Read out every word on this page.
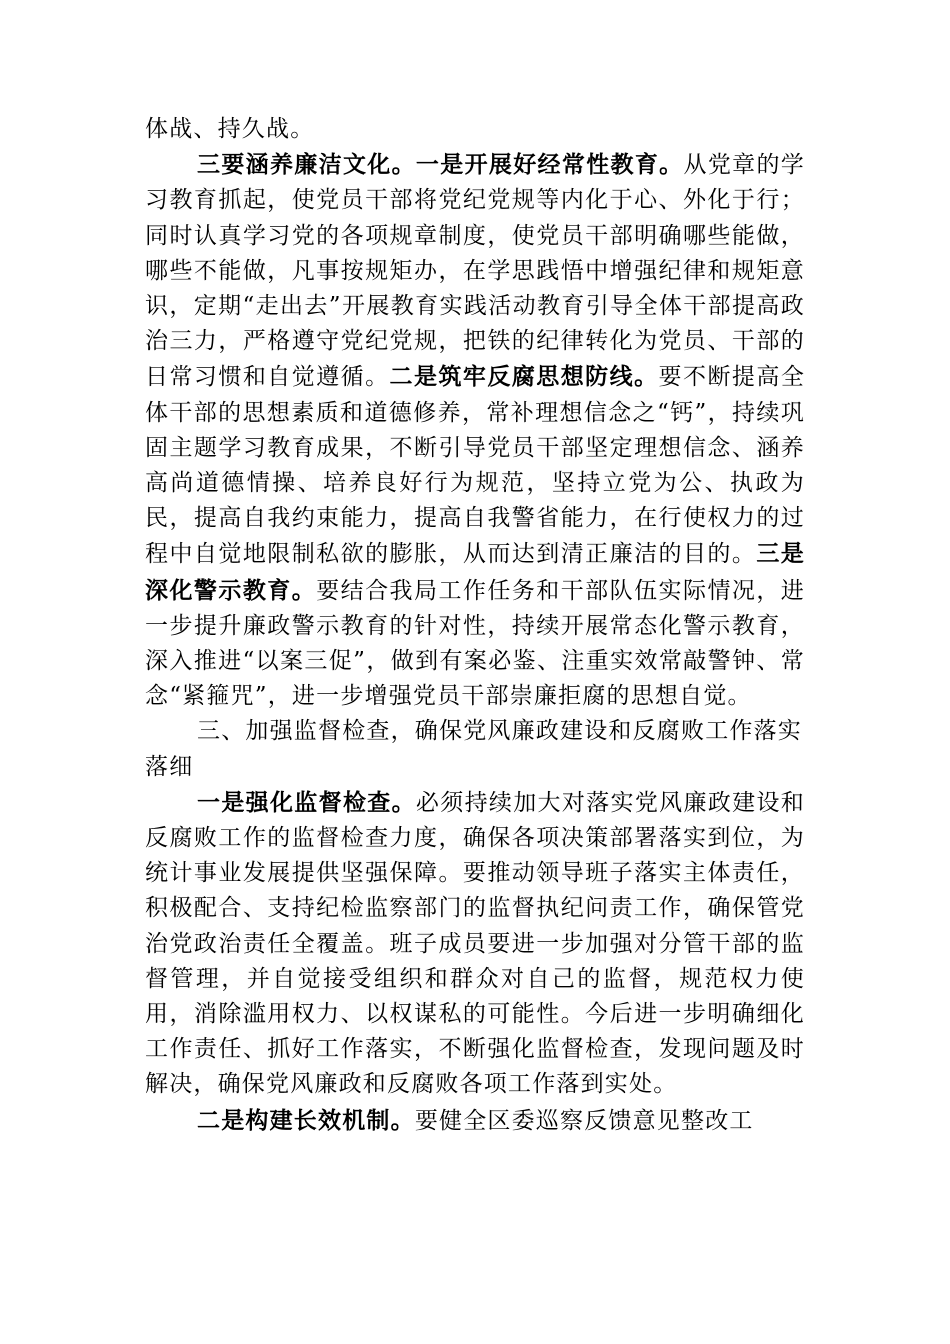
体战、持久战。

三要涵养廉洁文化。一是开展好经常性教育。从党章的学习教育抓起，使党员干部将党纪党规等内化于心、外化于行；同时认真学习党的各项规章制度，使党员干部明确哪些能做，哪些不能做，凡事按规矩办，在学思践悟中增强纪律和规矩意识，定期“走出去”开展教育实践活动教育引导全体干部提高政治三力，严格遵守党纪党规，把铁的纪律转化为党员、干部的日常习惯和自觉遵循。二是筑牢反腐思想防线。要不断提高全体干部的思想素质和道德修养，常补理想信念之“钙”，持续巩固主题学习教育成果，不断引导党员干部坚定理想信念、涵养高尚道德情操、培养良好行为规范，坚持立党为公、执政为民，提高自我约束能力，提高自我警省能力，在行使权力的过程中自觉地限制私欲的膨胀，从而达到清正廉洁的目的。三是深化警示教育。要结合我局工作任务和干部队伍实际情况，进一步提升廉政警示教育的针对性，持续开展常态化警示教育，深入推进“以案三促”，做到有案必鉴、注重实效常敲警钟、常念“紧箍咒”，进一步增强党员干部崇廉拒腐的思想自觉。

三、加强监督检查，确保党风廉政建设和反腐败工作落实落细

一是强化监督检查。必须持续加大对落实党风廉政建设和反腐败工作的监督检查力度，确保各项决策部署落实到位，为统计事业发展提供坚强保障。要推动领导班子落实主体责任，积极配合、支持纪检监察部门的监督执纪问责工作，确保管党治党政治责任全覆盖。班子成员要进一步加强对分管干部的监督管理，并自觉接受组织和群众对自己的监督，规范权力使用，消除滥用权力、以权谋私的可能性。今后进一步明确细化工作责任、抓好工作落实，不断强化监督检查，发现问题及时解决，确保党风廉政和反腐败各项工作落到实处。

二是构建长效机制。要健全区委巡察反馈意见整改工
